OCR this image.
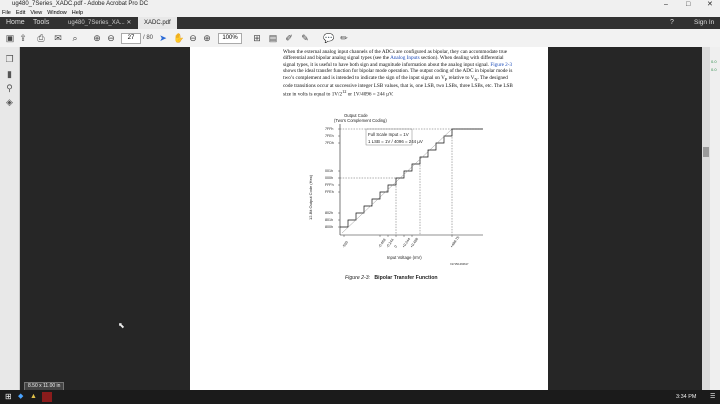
ug480_7Series_XADC.pdf - Adobe Acrobat Pro DC	–	□ ✕
File Edit View Window Help
Home Tools	ug480_7Series_XA... ✕	XADC.pdf	?	Sign In
▣ ⇪ ⎙ ✉ ⌕ ⊕ ⊖	27	/ 80 ➤ ✋ ⊖ ⊕	100%	⊞ ▤ ✐ ✎ 💬 ✏
❐
▮
⚲
◈
When the external analog input channels of the ADCs are configured as bipolar, they can accommodate true differential and bipolar analog signal types (see the Analog Inputs section). When dealing with differential signal types, it is useful to have both sign and magnitude information about the analog input signal. Figure 2-3 shows the ideal transfer function for bipolar mode operation. The output coding of the ADC in bipolar mode is two’s complement and is intended to indicate the sign of the input signal on $V_P$ relative to $V_N$. The designed code transitions occur at successive integer LSB values, that is, one LSB, two LSBs, three LSBs, etc. The LSB size in volts is equal to $1V/2^{12}$ or 1V/4096 = 244 µV.
Output Code
(Two’s Complement Coding)
12-Bit Output Code (Hex)
Input Voltage (mV)
Full Scale Input = 1V
1 LSB = 1V / 4096 = 244 µV
X17156-060617
7FFh
7FEh
7FDh
001h
000h
FFFh
FFEh
802h
801h
800h
-500	-0.488
-0.244
0 +0.244
+0.488	+499.75
Figure 2-3: Bipolar Transfer Function
0.0
0.0
8.50 x 11.00 in
⬉
⊞ ◆ ▲	3:34 PM ☰
